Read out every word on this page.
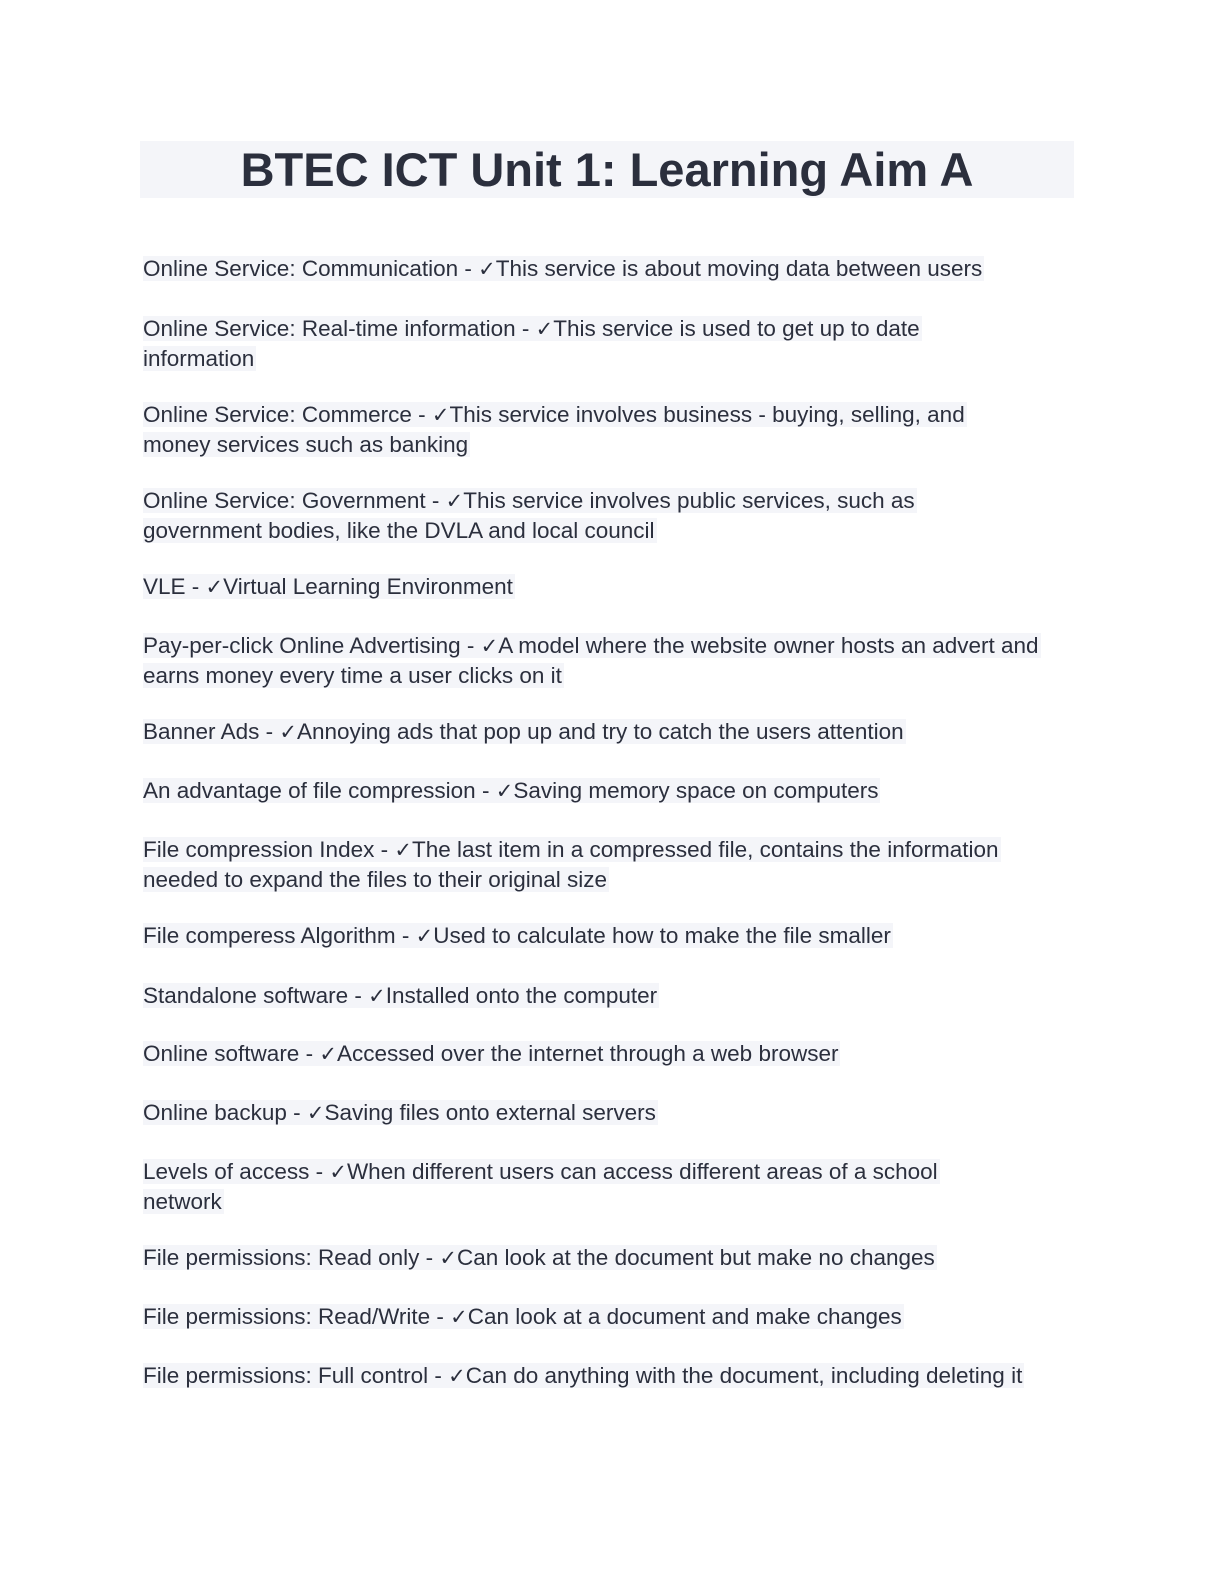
BTEC ICT Unit 1: Learning Aim A

Online Service: Communication - ✓This service is about moving data between users

Online Service: Real-time information - ✓This service is used to get up to date information

Online Service: Commerce - ✓This service involves business - buying, selling, and money services such as banking

Online Service: Government - ✓This service involves public services, such as government bodies, like the DVLA and local council

VLE - ✓Virtual Learning Environment

Pay-per-click Online Advertising - ✓A model where the website owner hosts an advert and earns money every time a user clicks on it

Banner Ads - ✓Annoying ads that pop up and try to catch the users attention

An advantage of file compression - ✓Saving memory space on computers

File compression Index - ✓The last item in a compressed file, contains the information needed to expand the files to their original size

File comperess Algorithm - ✓Used to calculate how to make the file smaller

Standalone software - ✓Installed onto the computer

Online software - ✓Accessed over the internet through a web browser

Online backup - ✓Saving files onto external servers

Levels of access - ✓When different users can access different areas of a school network

File permissions: Read only - ✓Can look at the document but make no changes

File permissions: Read/Write - ✓Can look at a document and make changes

File permissions: Full control - ✓Can do anything with the document, including deleting it
